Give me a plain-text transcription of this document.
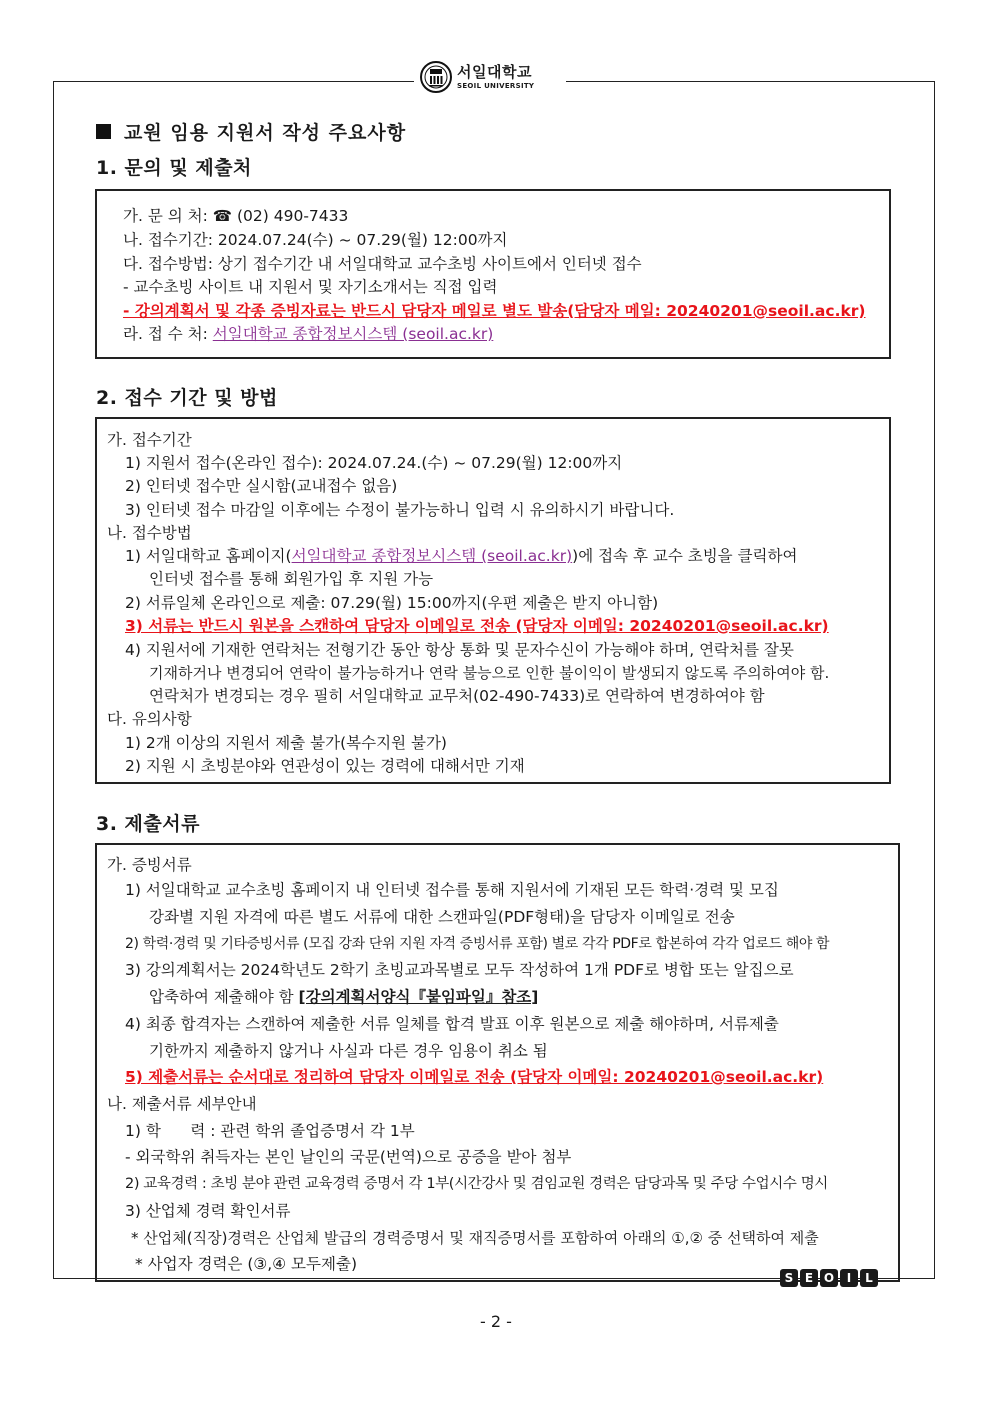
서일대학교
SEOIL UNIVERSITY
교원 임용 지원서 작성 주요사항
1. 문의 및 제출처
가. 문 의 처: ☎ (02) 490-7433
나. 접수기간: 2024.07.24(수) ~ 07.29(월) 12:00까지
다. 접수방법: 상기 접수기간 내 서일대학교 교수초빙 사이트에서 인터넷 접수
- 교수초빙 사이트 내 지원서 및 자기소개서는 직접 입력
- 강의계획서 및 각종 증빙자료는 반드시 담당자 메일로 별도 발송(담당자 메일: 20240201@seoil.ac.kr)
라. 접 수 처: 서일대학교 종합정보시스템 (seoil.ac.kr)
2. 접수 기간 및 방법
가. 접수기간
1) 지원서 접수(온라인 접수): 2024.07.24.(수) ~ 07.29(월) 12:00까지
2) 인터넷 접수만 실시함(교내접수 없음)
3) 인터넷 접수 마감일 이후에는 수정이 불가능하니 입력 시 유의하시기 바랍니다.
나. 접수방법
1) 서일대학교 홈페이지(서일대학교 종합정보시스템 (seoil.ac.kr))에 접속 후 교수 초빙을 클릭하여
인터넷 접수를 통해 회원가입 후 지원 가능
2) 서류일체 온라인으로 제출: 07.29(월) 15:00까지(우편 제출은 받지 아니함)
3) 서류는 반드시 원본을 스캔하여 담당자 이메일로 전송 (담당자 이메일: 20240201@seoil.ac.kr)
4) 지원서에 기재한 연락처는 전형기간 동안 항상 통화 및 문자수신이 가능해야 하며, 연락처를 잘못
기재하거나 변경되어 연락이 불가능하거나 연락 불능으로 인한 불이익이 발생되지 않도록 주의하여야 함.
연락처가 변경되는 경우 필히 서일대학교 교무처(02-490-7433)로 연락하여 변경하여야 함
다. 유의사항
1) 2개 이상의 지원서 제출 불가(복수지원 불가)
2) 지원 시 초빙분야와 연관성이 있는 경력에 대해서만 기재
3. 제출서류
가. 증빙서류
1) 서일대학교 교수초빙 홈페이지 내 인터넷 접수를 통해 지원서에 기재된 모든 학력·경력 및 모집
강좌별 지원 자격에 따른 별도 서류에 대한 스캔파일(PDF형태)을 담당자 이메일로 전송
2) 학력·경력 및 기타증빙서류 (모집 강좌 단위 지원 자격 증빙서류 포함) 별로 각각 PDF로 합본하여 각각 업로드 해야 함
3) 강의계획서는 2024학년도 2학기 초빙교과목별로 모두 작성하여 1개 PDF로 병합 또는 알집으로
압축하여 제출해야 함 [강의계획서양식『붙임파일』참조]
4) 최종 합격자는 스캔하여 제출한 서류 일체를 합격 발표 이후 원본으로 제출 해야하며, 서류제출
기한까지 제출하지 않거나 사실과 다른 경우 임용이 취소 됨
5) 제출서류는 순서대로 정리하여 담당자 이메일로 전송 (담당자 이메일: 20240201@seoil.ac.kr)
나. 제출서류 세부안내
1) 학      력 : 관련 학위 졸업증명서 각 1부
- 외국학위 취득자는 본인 날인의 국문(번역)으로 공증을 받아 첨부
2) 교육경력 : 초빙 분야 관련 교육경력 증명서 각 1부(시간강사 및 겸임교원 경력은 담당과목 및 주당 수업시수 명시
3) 산업체 경력 확인서류
* 산업체(직장)경력은 산업체 발급의 경력증명서 및 재직증명서를 포함하여 아래의 ①,② 중 선택하여 제출
* 사업자 경력은 (③,④ 모두제출)
S E O	I	L
- 2 -
